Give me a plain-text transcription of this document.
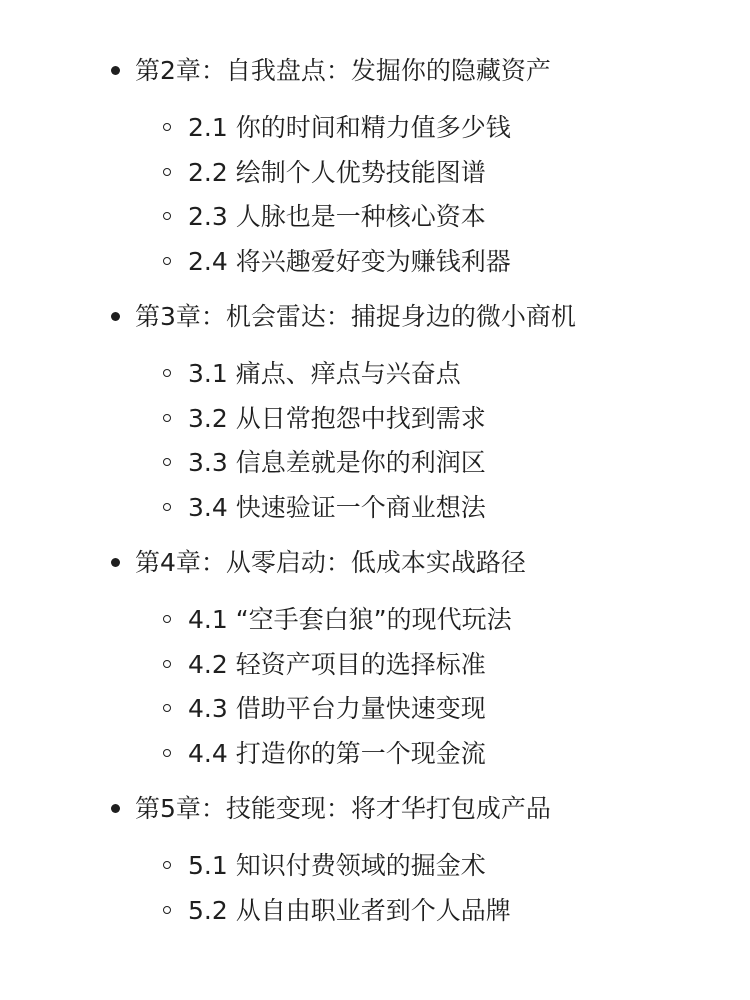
第2章：自我盘点：发掘你的隐藏资产
2.1 你的时间和精力值多少钱
2.2 绘制个人优势技能图谱
2.3 人脉也是一种核心资本
2.4 将兴趣爱好变为赚钱利器
第3章：机会雷达：捕捉身边的微小商机
3.1 痛点、痒点与兴奋点
3.2 从日常抱怨中找到需求
3.3 信息差就是你的利润区
3.4 快速验证一个商业想法
第4章：从零启动：低成本实战路径
4.1 “空手套白狼”的现代玩法
4.2 轻资产项目的选择标准
4.3 借助平台力量快速变现
4.4 打造你的第一个现金流
第5章：技能变现：将才华打包成产品
5.1 知识付费领域的掘金术
5.2 从自由职业者到个人品牌
